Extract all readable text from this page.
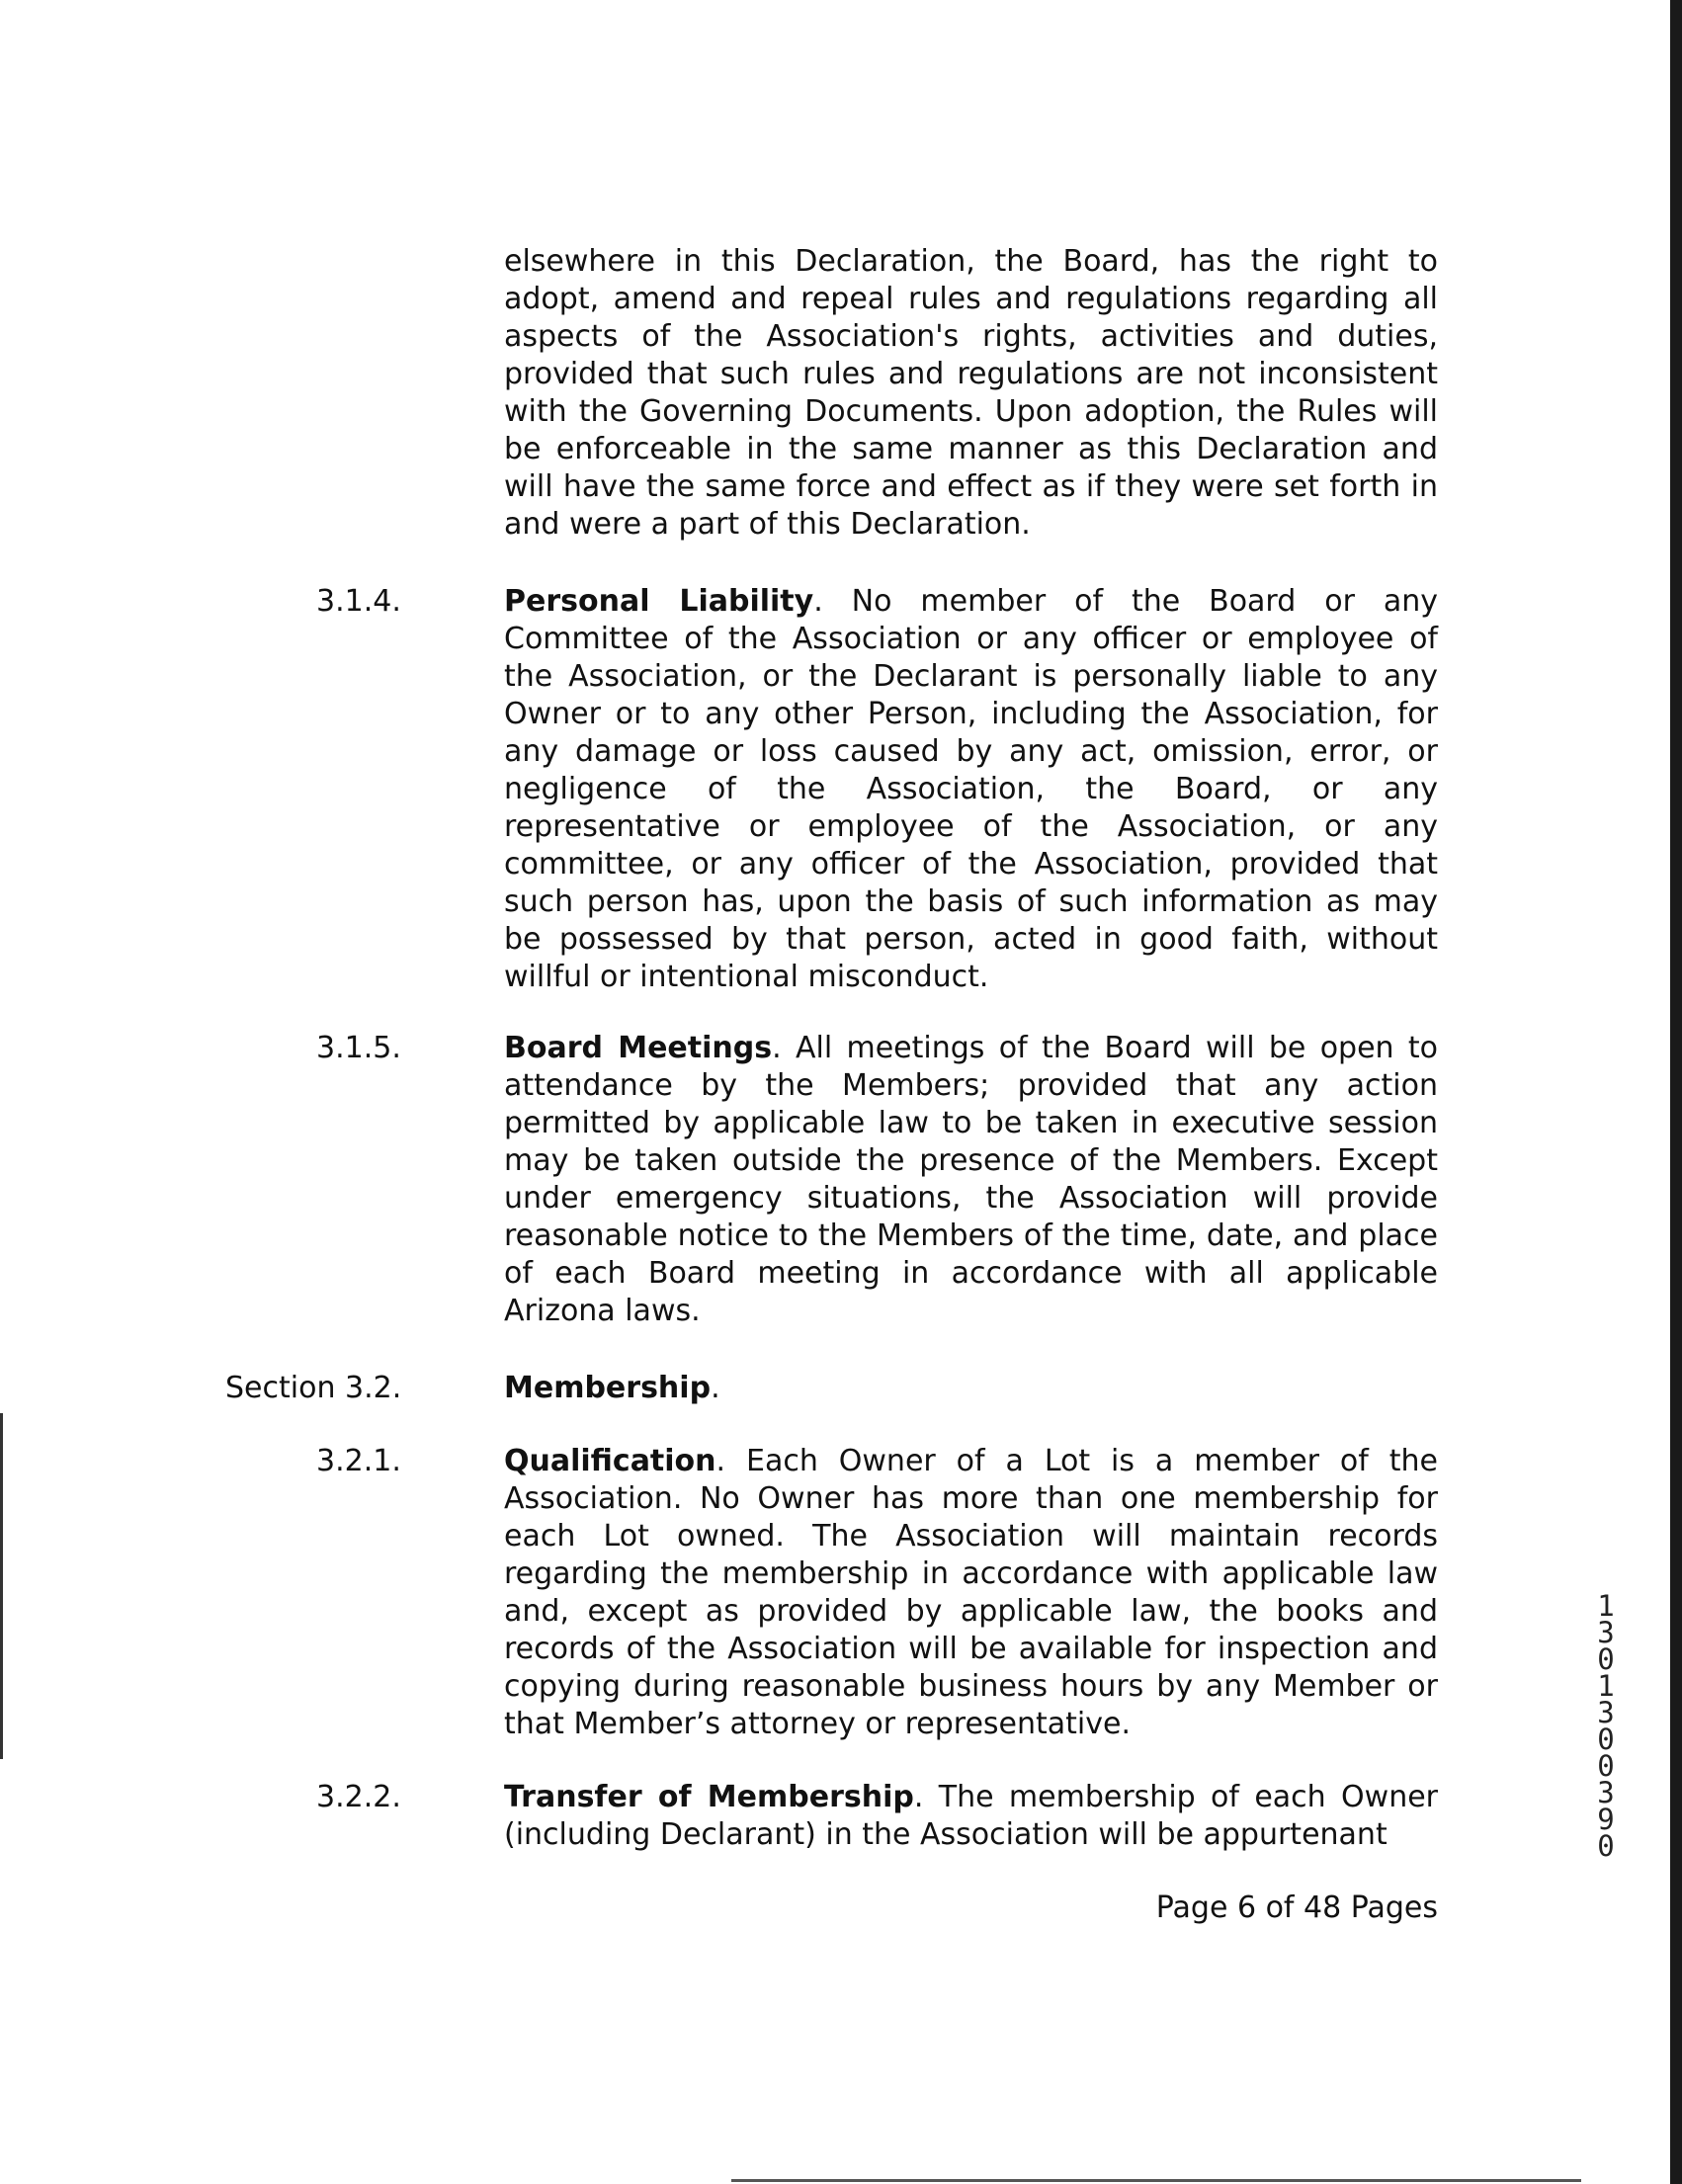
elsewhere in this Declaration, the Board, has the right to adopt, amend and repeal rules and regulations regarding all aspects of the Association's rights, activities and duties, provided that such rules and regulations are not inconsistent with the Governing Documents. Upon adoption, the Rules will be enforceable in the same manner as this Declaration and will have the same force and effect as if they were set forth in and were a part of this Declaration.

3.1.4.	Personal Liability. No member of the Board or any Committee of the Association or any officer or employee of the Association, or the Declarant is personally liable to any Owner or to any other Person, including the Association, for any damage or loss caused by any act, omission, error, or negligence of the Association, the Board, or any representative or employee of the Association, or any committee, or any officer of the Association, provided that such person has, upon the basis of such information as may be possessed by that person, acted in good faith, without willful or intentional misconduct.

3.1.5.	Board Meetings. All meetings of the Board will be open to attendance by the Members; provided that any action permitted by applicable law to be taken in executive session may be taken outside the presence of the Members. Except under emergency situations, the Association will provide reasonable notice to the Members of the time, date, and place of each Board meeting in accordance with all applicable Arizona laws.

Section 3.2.	Membership.

3.2.1.	Qualification. Each Owner of a Lot is a member of the Association. No Owner has more than one membership for each Lot owned. The Association will maintain records regarding the membership in accordance with applicable law and, except as provided by applicable law, the books and records of the Association will be available for inspection and copying during reasonable business hours by any Member or that Member’s attorney or representative.

3.2.2.	Transfer of Membership. The membership of each Owner (including Declarant) in the Association will be appurtenant

Page 6 of 48 Pages
13013 00390
